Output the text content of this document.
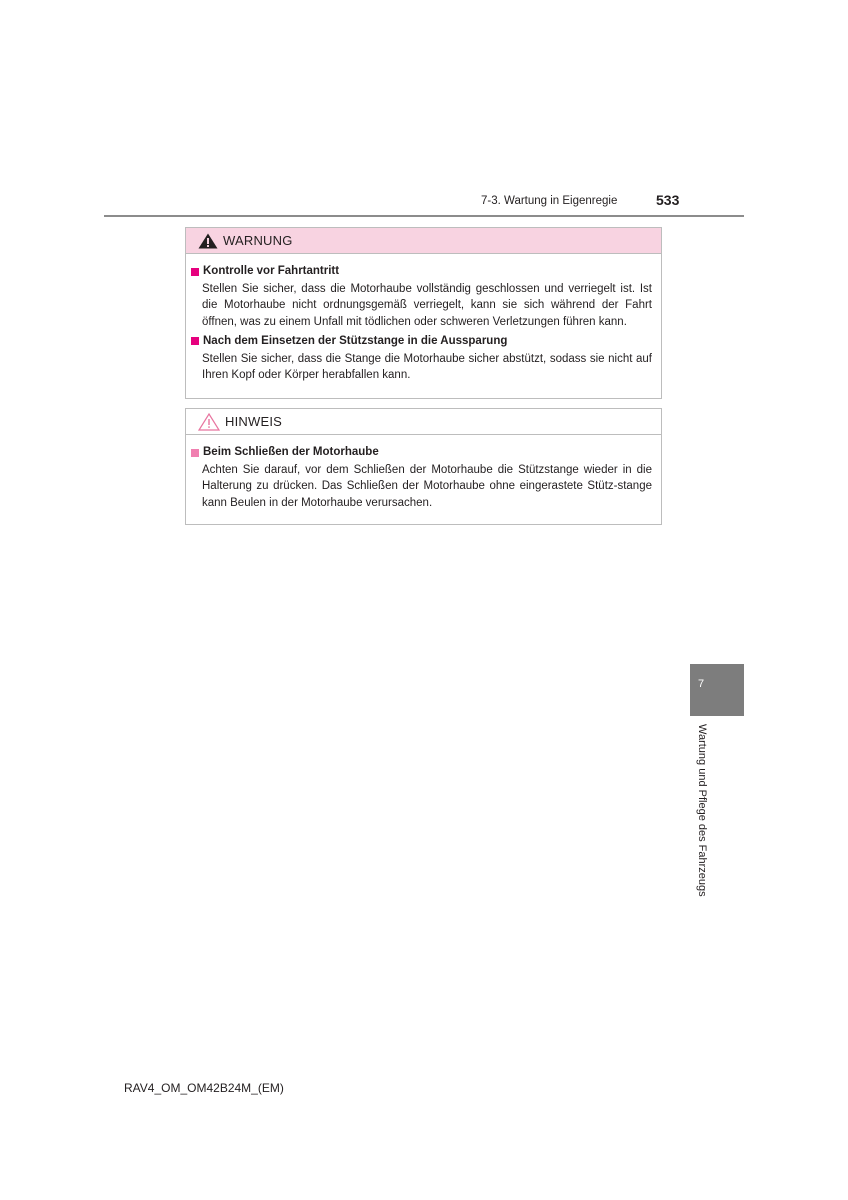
7-3. Wartung in Eigenregie	533
WARNUNG
Kontrolle vor Fahrtantritt
Stellen Sie sicher, dass die Motorhaube vollständig geschlossen und verriegelt ist. Ist die Motorhaube nicht ordnungsgemäß verriegelt, kann sie sich während der Fahrt öffnen, was zu einem Unfall mit tödlichen oder schweren Verletzungen führen kann.
Nach dem Einsetzen der Stützstange in die Aussparung
Stellen Sie sicher, dass die Stange die Motorhaube sicher abstützt, sodass sie nicht auf Ihren Kopf oder Körper herabfallen kann.
HINWEIS
Beim Schließen der Motorhaube
Achten Sie darauf, vor dem Schließen der Motorhaube die Stützstange wieder in die Halterung zu drücken. Das Schließen der Motorhaube ohne eingerastete Stütz-stange kann Beulen in der Motorhaube verursachen.
7
Wartung und Pflege des Fahrzeugs
RAV4_OM_OM42B24M_(EM)
